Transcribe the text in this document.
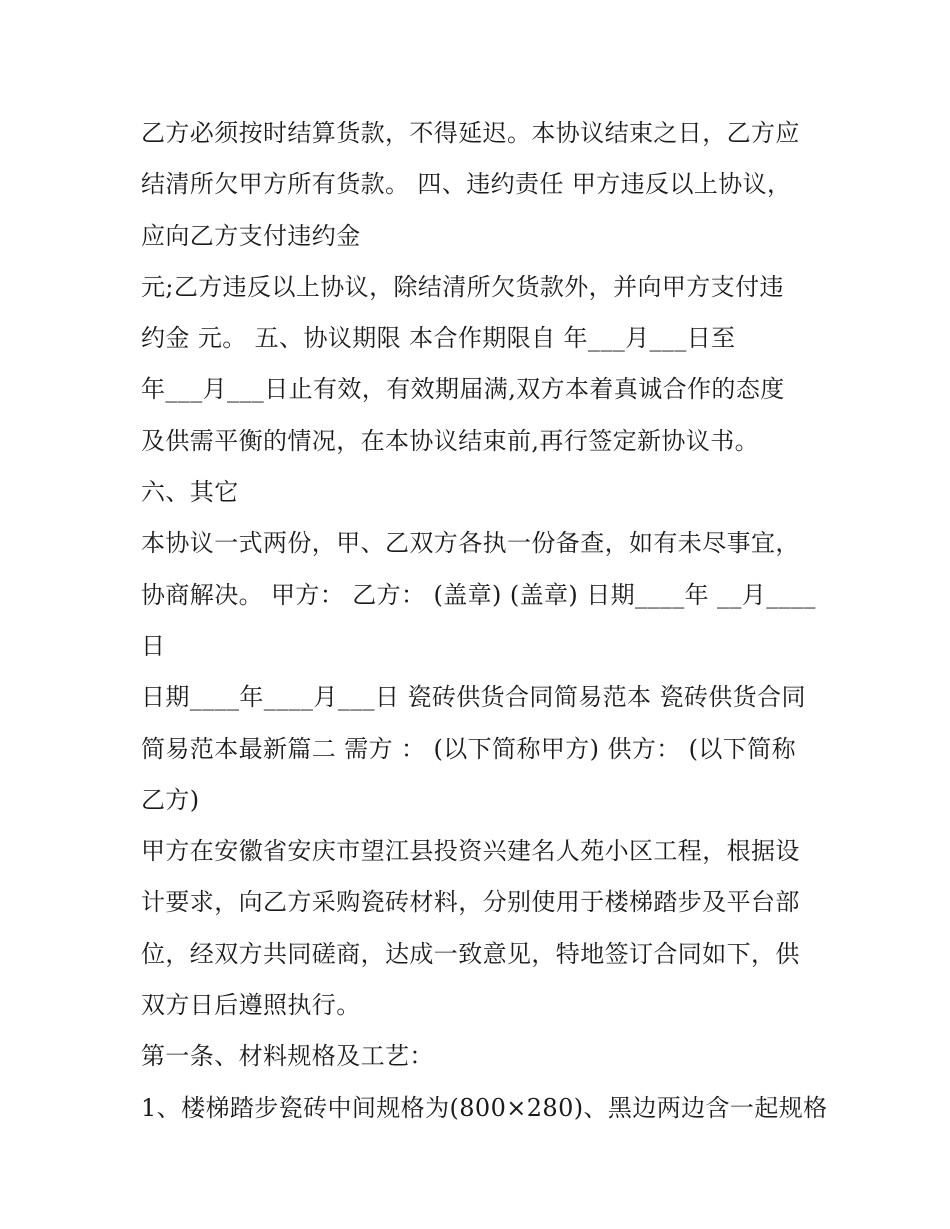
乙方必须按时结算货款，不得延迟。本协议结束之日，乙方应
结清所欠甲方所有货款。 四、违约责任 甲方违反以上协议，
应向乙方支付违约金
元;乙方违反以上协议，除结清所欠货款外，并向甲方支付违
约金 元。 五、协议期限 本合作期限自 年___月___日至
年___月___日止有效，有效期届满,双方本着真诚合作的态度
及供需平衡的情况，在本协议结束前,再行签定新协议书。
六、其它
本协议一式两份，甲、乙双方各执一份备查，如有未尽事宜，
协商解决。 甲方： 乙方： (盖章) (盖章) 日期____年 __月____
日
日期____年____月___日 瓷砖供货合同简易范本 瓷砖供货合同
简易范本最新篇二 需方 ： (以下简称甲方) 供方： (以下简称
乙方)
甲方在安徽省安庆市望江县投资兴建名人苑小区工程，根据设
计要求，向乙方采购瓷砖材料，分别使用于楼梯踏步及平台部
位，经双方共同磋商，达成一致意见，特地签订合同如下，供
双方日后遵照执行。
第一条、材料规格及工艺：
1、楼梯踏步瓷砖中间规格为(800×280)、黑边两边含一起规格
